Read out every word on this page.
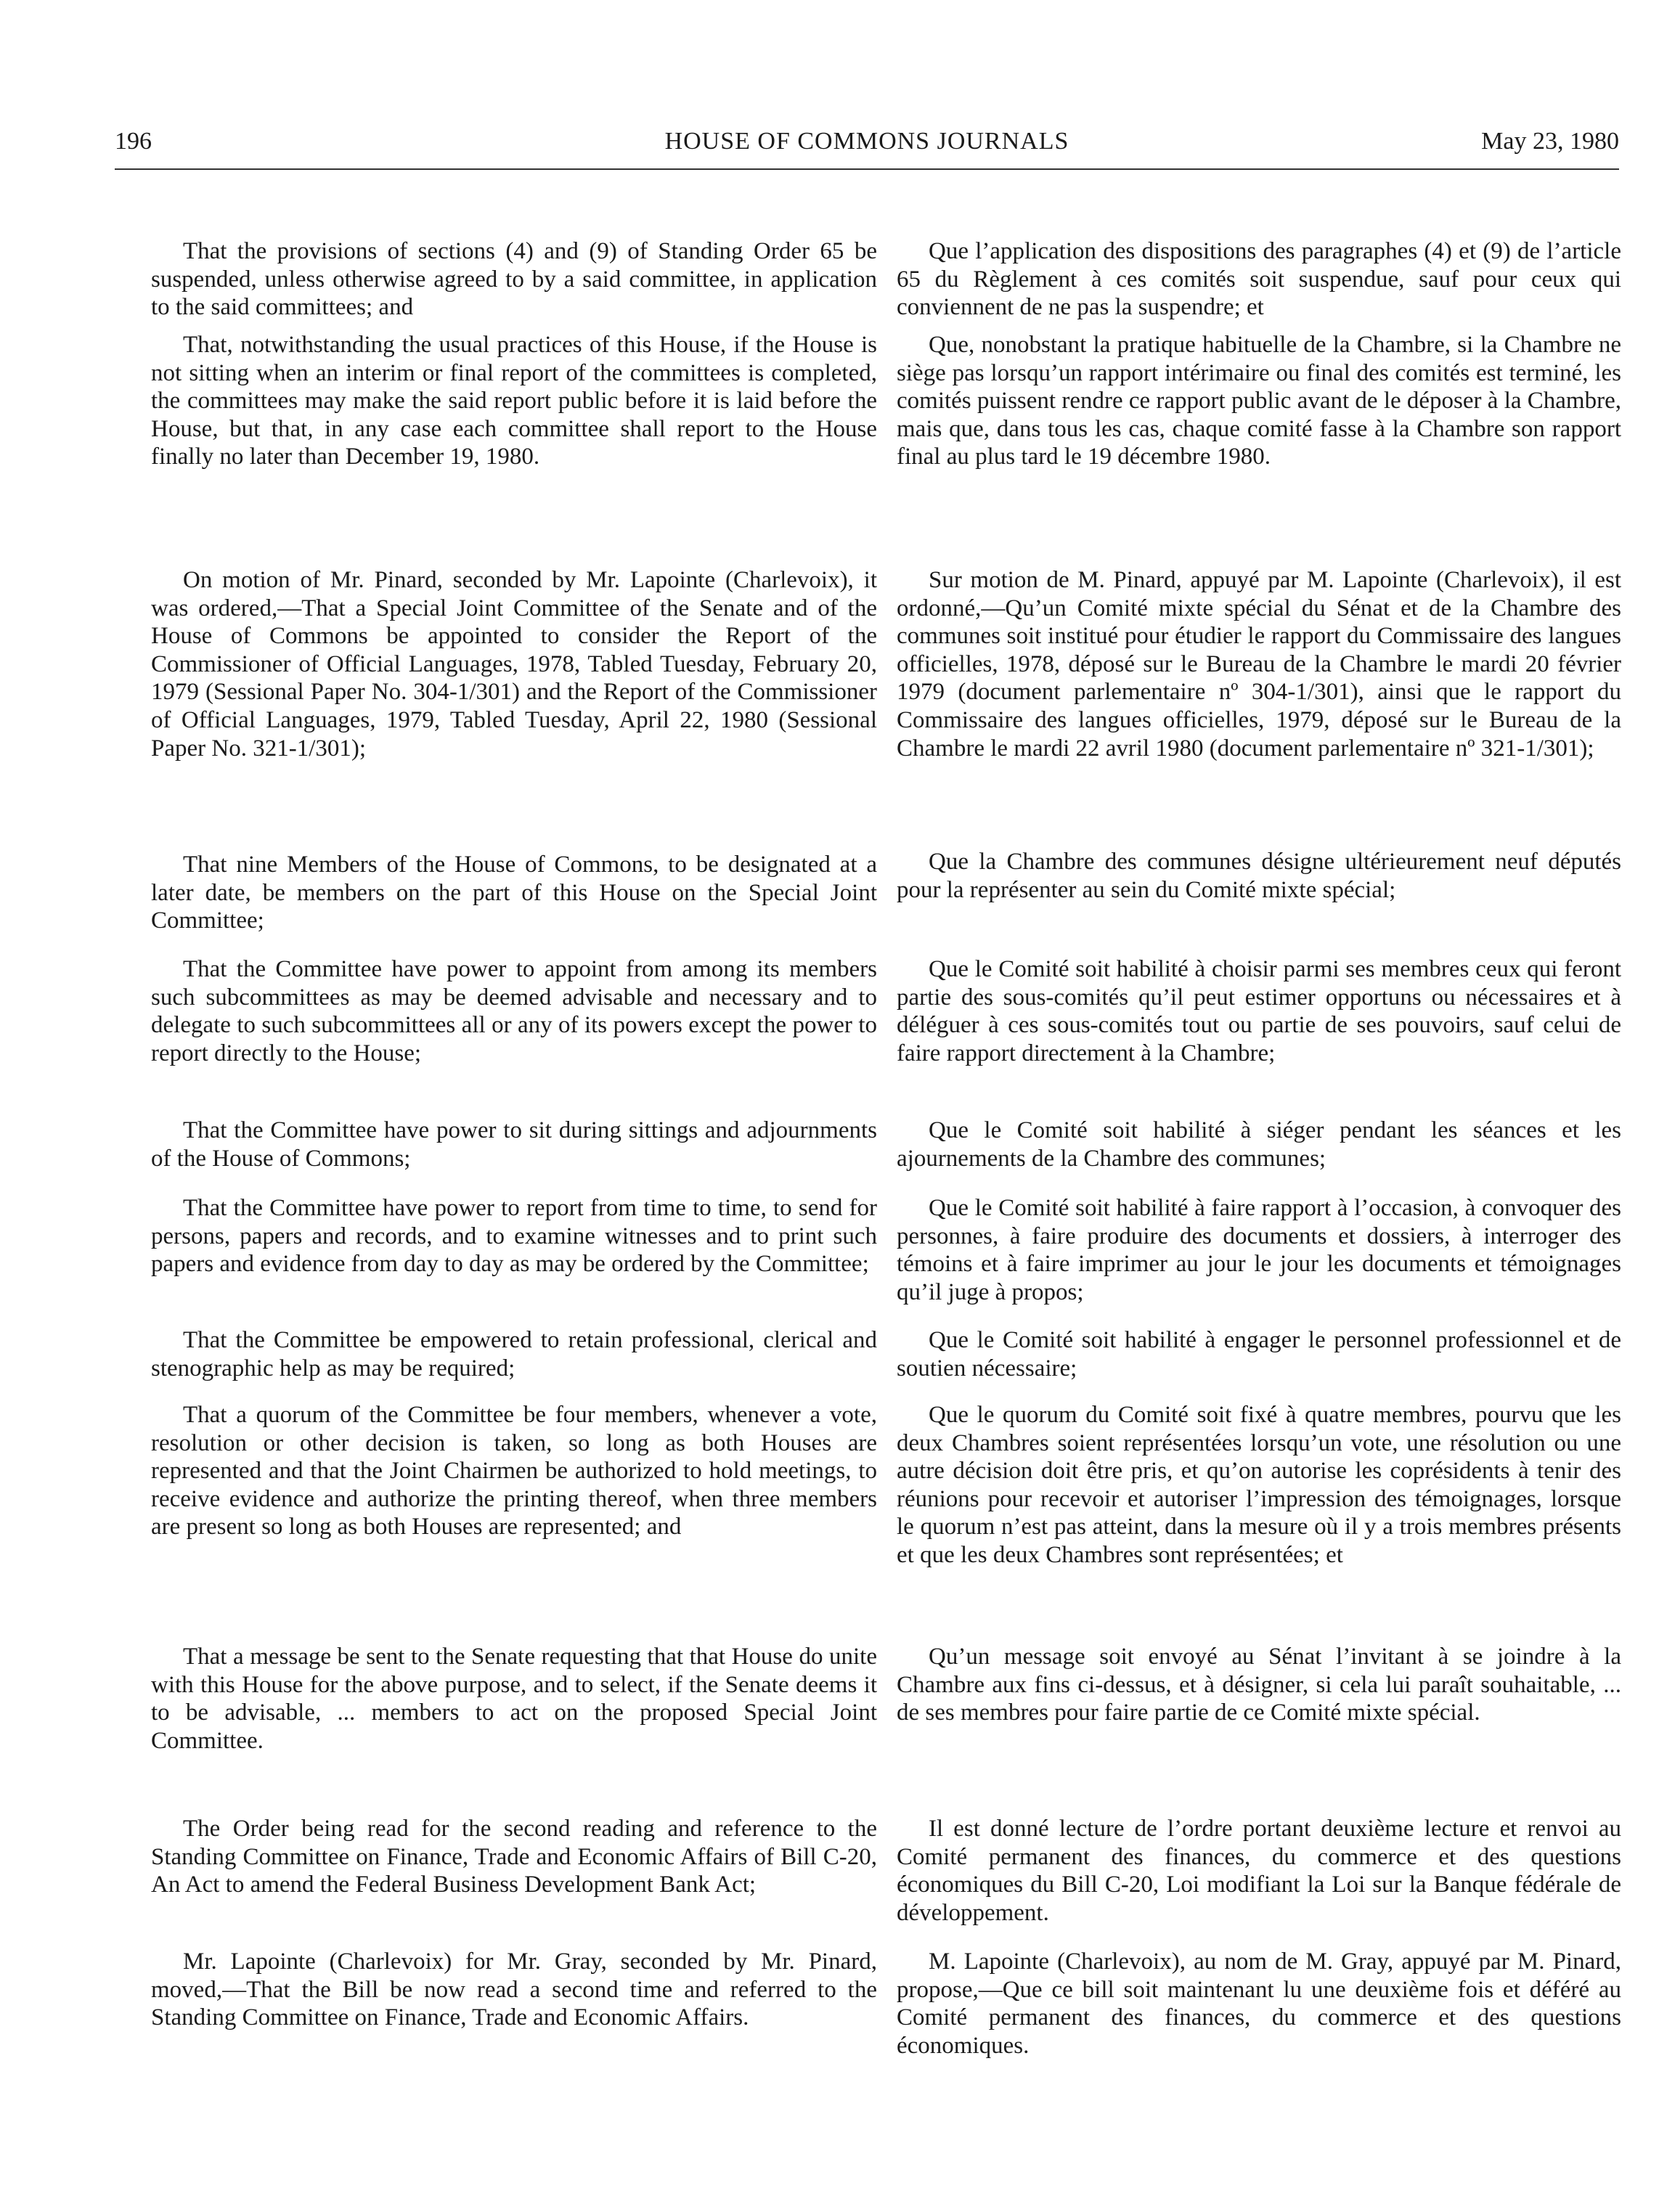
196	HOUSE OF COMMONS JOURNALS	May 23, 1980

That the provisions of sections (4) and (9) of Standing Order 65 be suspended, unless otherwise agreed to by a said committee, in application to the said committees; and

That, notwithstanding the usual practices of this House, if the House is not sitting when an interim or final report of the committees is completed, the committees may make the said report public before it is laid before the House, but that, in any case each committee shall report to the House finally no later than December 19, 1980.

On motion of Mr. Pinard, seconded by Mr. Lapointe (Charlevoix), it was ordered,—That a Special Joint Committee of the Senate and of the House of Commons be appointed to consider the Report of the Commissioner of Official Languages, 1978, Tabled Tuesday, February 20, 1979 (Sessional Paper No. 304-1/301) and the Report of the Commissioner of Official Languages, 1979, Tabled Tuesday, April 22, 1980 (Sessional Paper No. 321-1/301);

That nine Members of the House of Commons, to be designated at a later date, be members on the part of this House on the Special Joint Committee;

That the Committee have power to appoint from among its members such subcommittees as may be deemed advisable and necessary and to delegate to such subcommittees all or any of its powers except the power to report directly to the House;

That the Committee have power to sit during sittings and adjournments of the House of Commons;

That the Committee have power to report from time to time, to send for persons, papers and records, and to examine witnesses and to print such papers and evidence from day to day as may be ordered by the Committee;

That the Committee be empowered to retain professional, clerical and stenographic help as may be required;

That a quorum of the Committee be four members, whenever a vote, resolution or other decision is taken, so long as both Houses are represented and that the Joint Chairmen be authorized to hold meetings, to receive evidence and authorize the printing thereof, when three members are present so long as both Houses are represented; and

That a message be sent to the Senate requesting that that House do unite with this House for the above purpose, and to select, if the Senate deems it to be advisable, ... members to act on the proposed Special Joint Committee.

The Order being read for the second reading and reference to the Standing Committee on Finance, Trade and Economic Affairs of Bill C-20, An Act to amend the Federal Business Development Bank Act;

Mr. Lapointe (Charlevoix) for Mr. Gray, seconded by Mr. Pinard, moved,—That the Bill be now read a second time and referred to the Standing Committee on Finance, Trade and Economic Affairs.

Que l’application des dispositions des paragraphes (4) et (9) de l’article 65 du Règlement à ces comités soit suspendue, sauf pour ceux qui conviennent de ne pas la suspendre; et

Que, nonobstant la pratique habituelle de la Chambre, si la Chambre ne siège pas lorsqu’un rapport intérimaire ou final des comités est terminé, les comités puissent rendre ce rapport public avant de le déposer à la Chambre, mais que, dans tous les cas, chaque comité fasse à la Chambre son rapport final au plus tard le 19 décembre 1980.

Sur motion de M. Pinard, appuyé par M. Lapointe (Charlevoix), il est ordonné,—Qu’un Comité mixte spécial du Sénat et de la Chambre des communes soit institué pour étudier le rapport du Commissaire des langues officielles, 1978, déposé sur le Bureau de la Chambre le mardi 20 février 1979 (document parlementaire nº 304-1/301), ainsi que le rapport du Commissaire des langues officielles, 1979, déposé sur le Bureau de la Chambre le mardi 22 avril 1980 (document parlementaire nº 321-1/301);

Que la Chambre des communes désigne ultérieurement neuf députés pour la représenter au sein du Comité mixte spécial;

Que le Comité soit habilité à choisir parmi ses membres ceux qui feront partie des sous-comités qu’il peut estimer opportuns ou nécessaires et à déléguer à ces sous-comités tout ou partie de ses pouvoirs, sauf celui de faire rapport directement à la Chambre;

Que le Comité soit habilité à siéger pendant les séances et les ajournements de la Chambre des communes;

Que le Comité soit habilité à faire rapport à l’occasion, à convoquer des personnes, à faire produire des documents et dossiers, à interroger des témoins et à faire imprimer au jour le jour les documents et témoignages qu’il juge à propos;

Que le Comité soit habilité à engager le personnel professionnel et de soutien nécessaire;

Que le quorum du Comité soit fixé à quatre membres, pourvu que les deux Chambres soient représentées lorsqu’un vote, une résolution ou une autre décision doit être pris, et qu’on autorise les coprésidents à tenir des réunions pour recevoir et autoriser l’impression des témoignages, lorsque le quorum n’est pas atteint, dans la mesure où il y a trois membres présents et que les deux Chambres sont représentées; et

Qu’un message soit envoyé au Sénat l’invitant à se joindre à la Chambre aux fins ci-dessus, et à désigner, si cela lui paraît souhaitable, ... de ses membres pour faire partie de ce Comité mixte spécial.

Il est donné lecture de l’ordre portant deuxième lecture et renvoi au Comité permanent des finances, du commerce et des questions économiques du Bill C-20, Loi modifiant la Loi sur la Banque fédérale de développement.

M. Lapointe (Charlevoix), au nom de M. Gray, appuyé par M. Pinard, propose,—Que ce bill soit maintenant lu une deuxième fois et déféré au Comité permanent des finances, du commerce et des questions économiques.
